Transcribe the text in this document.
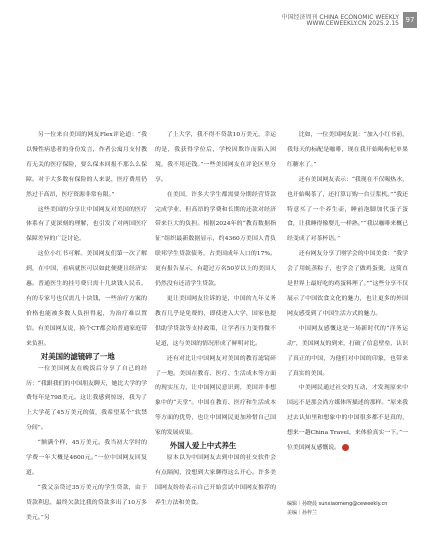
中国经济周刊 CHINA ECONOMIC WEEKLY
WWW.CEWEEKLY.CN 2025.2.15 97

另一位来自美国的网友Flex评论道：“我以慢性病患者的身份发言，作者公寓月支付教育无关的医疗保险，要么保本回报不那么么保障。对于大多数有保险的人来说，医疗费用仍然过于高昂，医疗资源非常有限。”

这些美国的分享让中国网友对美国的医疗体系有了更深刻的理解，也引发了对两国医疗保障差异的广泛讨论。

这位小红书可解。美国网友们第一次了解到，在中国，看病就医可以如此便捷且经济实惠。普通医生的挂号费只需十几块钱人民币，有的专家号也仅需几十块钱，一些治疗方案的价格也能被多数人负担得起，为治疗难以置信。有美国网友说，换个CT都会给普通家庭带来负担。

对美国的滤镜碎了一地

一位美国网友在晚饭后分享了自己的经历：“我跟我们的中国朋友聊天，她比大学的学费每年是798美元。这让我感到惊讶，我为了上大学花了45万美元的债，我希望某个”软禁分间”。

“额满个样，45万美元。我当初大学时的学费一年大概是4600元。”一位中国网友回复道。

“我父亲贷过35万美元的学生贷款，由于贷款利息，最终欠款比我的贷款多出了10万多美元。”另

了上大学，我不得不贷款10万美元，幸运的是，我获得学位后，学校因欺诈而陷入困境，我不用还钱。”一些美国网友在评论区里分享。

在美国，许多大学生都需要分期经营贷款完成学业，但高昂的学费和长期的还款对经济带来巨大的负担。根据2024年的“教育数据指征”组织最新数据显示，约4360万美国人背负联邦学生贷款债务，占美国成年人口的17%。更有报告显示，有超过万名50岁以上的美国人仍然没有还清学生贷款。

更让美国网友往诉的是，中国的九年义务教育几乎是免费的，即使进入大学，国家也提供助学贷款等支持政策，让学者压力变得微不足道，这与美国的情况形成了鲜明对比。

还有对比让中国网友对美国的教育滤镜碎了一地。美国在教育、医疗、生活成本等方面的现实压力，让中国网民意识到，美国并非想象中的“天堂”。中国在教育、医疗和生活成本等方面的优势，也让中国网民更加珍惜自己国家的发展成果。

外国人爱上中式养生

原本以为中国网友去到中国的社交软件会有点隔阂，没想到大家聊得这么开心。许多美国网友纷纷表示自己开始尝试中国网友推荐的养生方法和美食。

比如，一位美国网友说：“加入小红书前，我每天的标配是咖啡，现在我开始喝枸杞单果红糖水了。”

还有美国网友表示：“我现在不仅喝热水，也开始喝茶了，还打算订购一台豆浆机。”“我还特意买了一个养生壶，睡前泡脚加代蛋子蛋食，让我睡得像婴儿一样熟。”“我以咖啡来概已经变成了对茶杯语。”

还有网友分享了刚学会的中国美食：“我学会了用蚝蒸粽子，也学会了做鸡蛋羹，这简直是世界上最好吃的鸡蛋料理了。”“这些分享不仅展示了中国饮食文化的魅力，也让更多的外国网友感受到了中国生活方式的魅力。

中国网友感慨这是一场新时代的“洋务运动”，美国网友的到来，打破了信息壁垒，认识了真正的中国，为他们对中国的印象，也带来了真实的美国。

中美网民通过社交的互动，才发现原来中国远不是那会尚方媒体所描述的那样。“原来我过去认知里和想象中的中国很多都不是真的，想来一趟China Travel，来体验真实一下。”一位美国网友感慨说。

编辑｜孙晓晨 sunxiaomeng@ceweekly.cn
美编｜孙梓兰
